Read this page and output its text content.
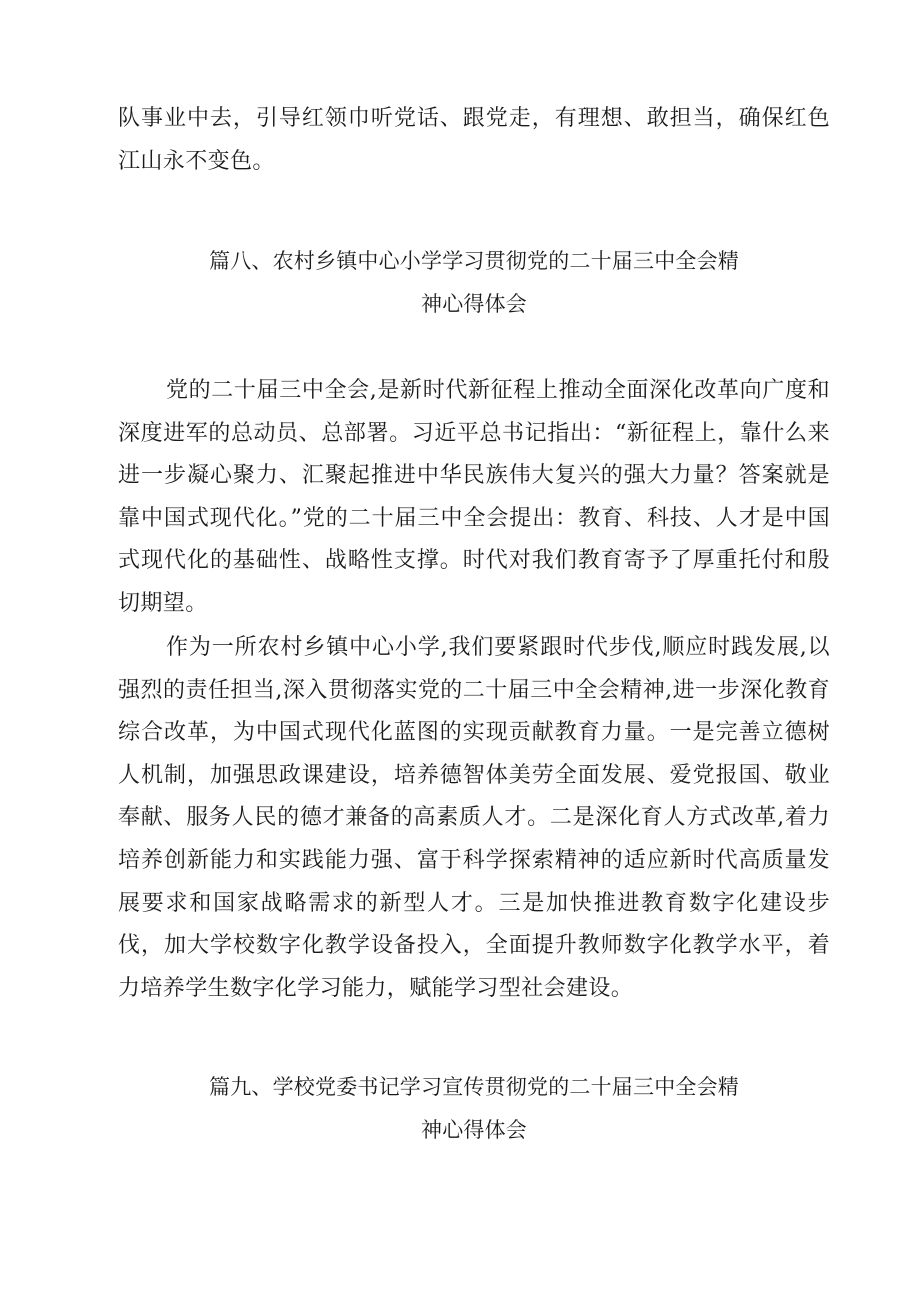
队事业中去，引导红领巾听党话、跟党走，有理想、敢担当，确保红色江山永不变色。

篇八、农村乡镇中心小学学习贯彻党的二十届三中全会精
神心得体会

党的二十届三中全会,是新时代新征程上推动全面深化改革向广度和深度进军的总动员、总部署。习近平总书记指出：“新征程上，靠什么来进一步凝心聚力、汇聚起推进中华民族伟大复兴的强大力量？答案就是靠中国式现代化。”党的二十届三中全会提出：教育、科技、人才是中国式现代化的基础性、战略性支撑。时代对我们教育寄予了厚重托付和殷切期望。

作为一所农村乡镇中心小学,我们要紧跟时代步伐,顺应时践发展,以强烈的责任担当,深入贯彻落实党的二十届三中全会精神,进一步深化教育综合改革，为中国式现代化蓝图的实现贡献教育力量。一是完善立德树人机制，加强思政课建设，培养德智体美劳全面发展、爱党报国、敬业奉献、服务人民的德才兼备的高素质人才。二是深化育人方式改革,着力培养创新能力和实践能力强、富于科学探索精神的适应新时代高质量发展要求和国家战略需求的新型人才。三是加快推进教育数字化建设步伐，加大学校数字化教学设备投入，全面提升教师数字化教学水平，着力培养学生数字化学习能力，赋能学习型社会建设。

篇九、学校党委书记学习宣传贯彻党的二十届三中全会精
神心得体会
